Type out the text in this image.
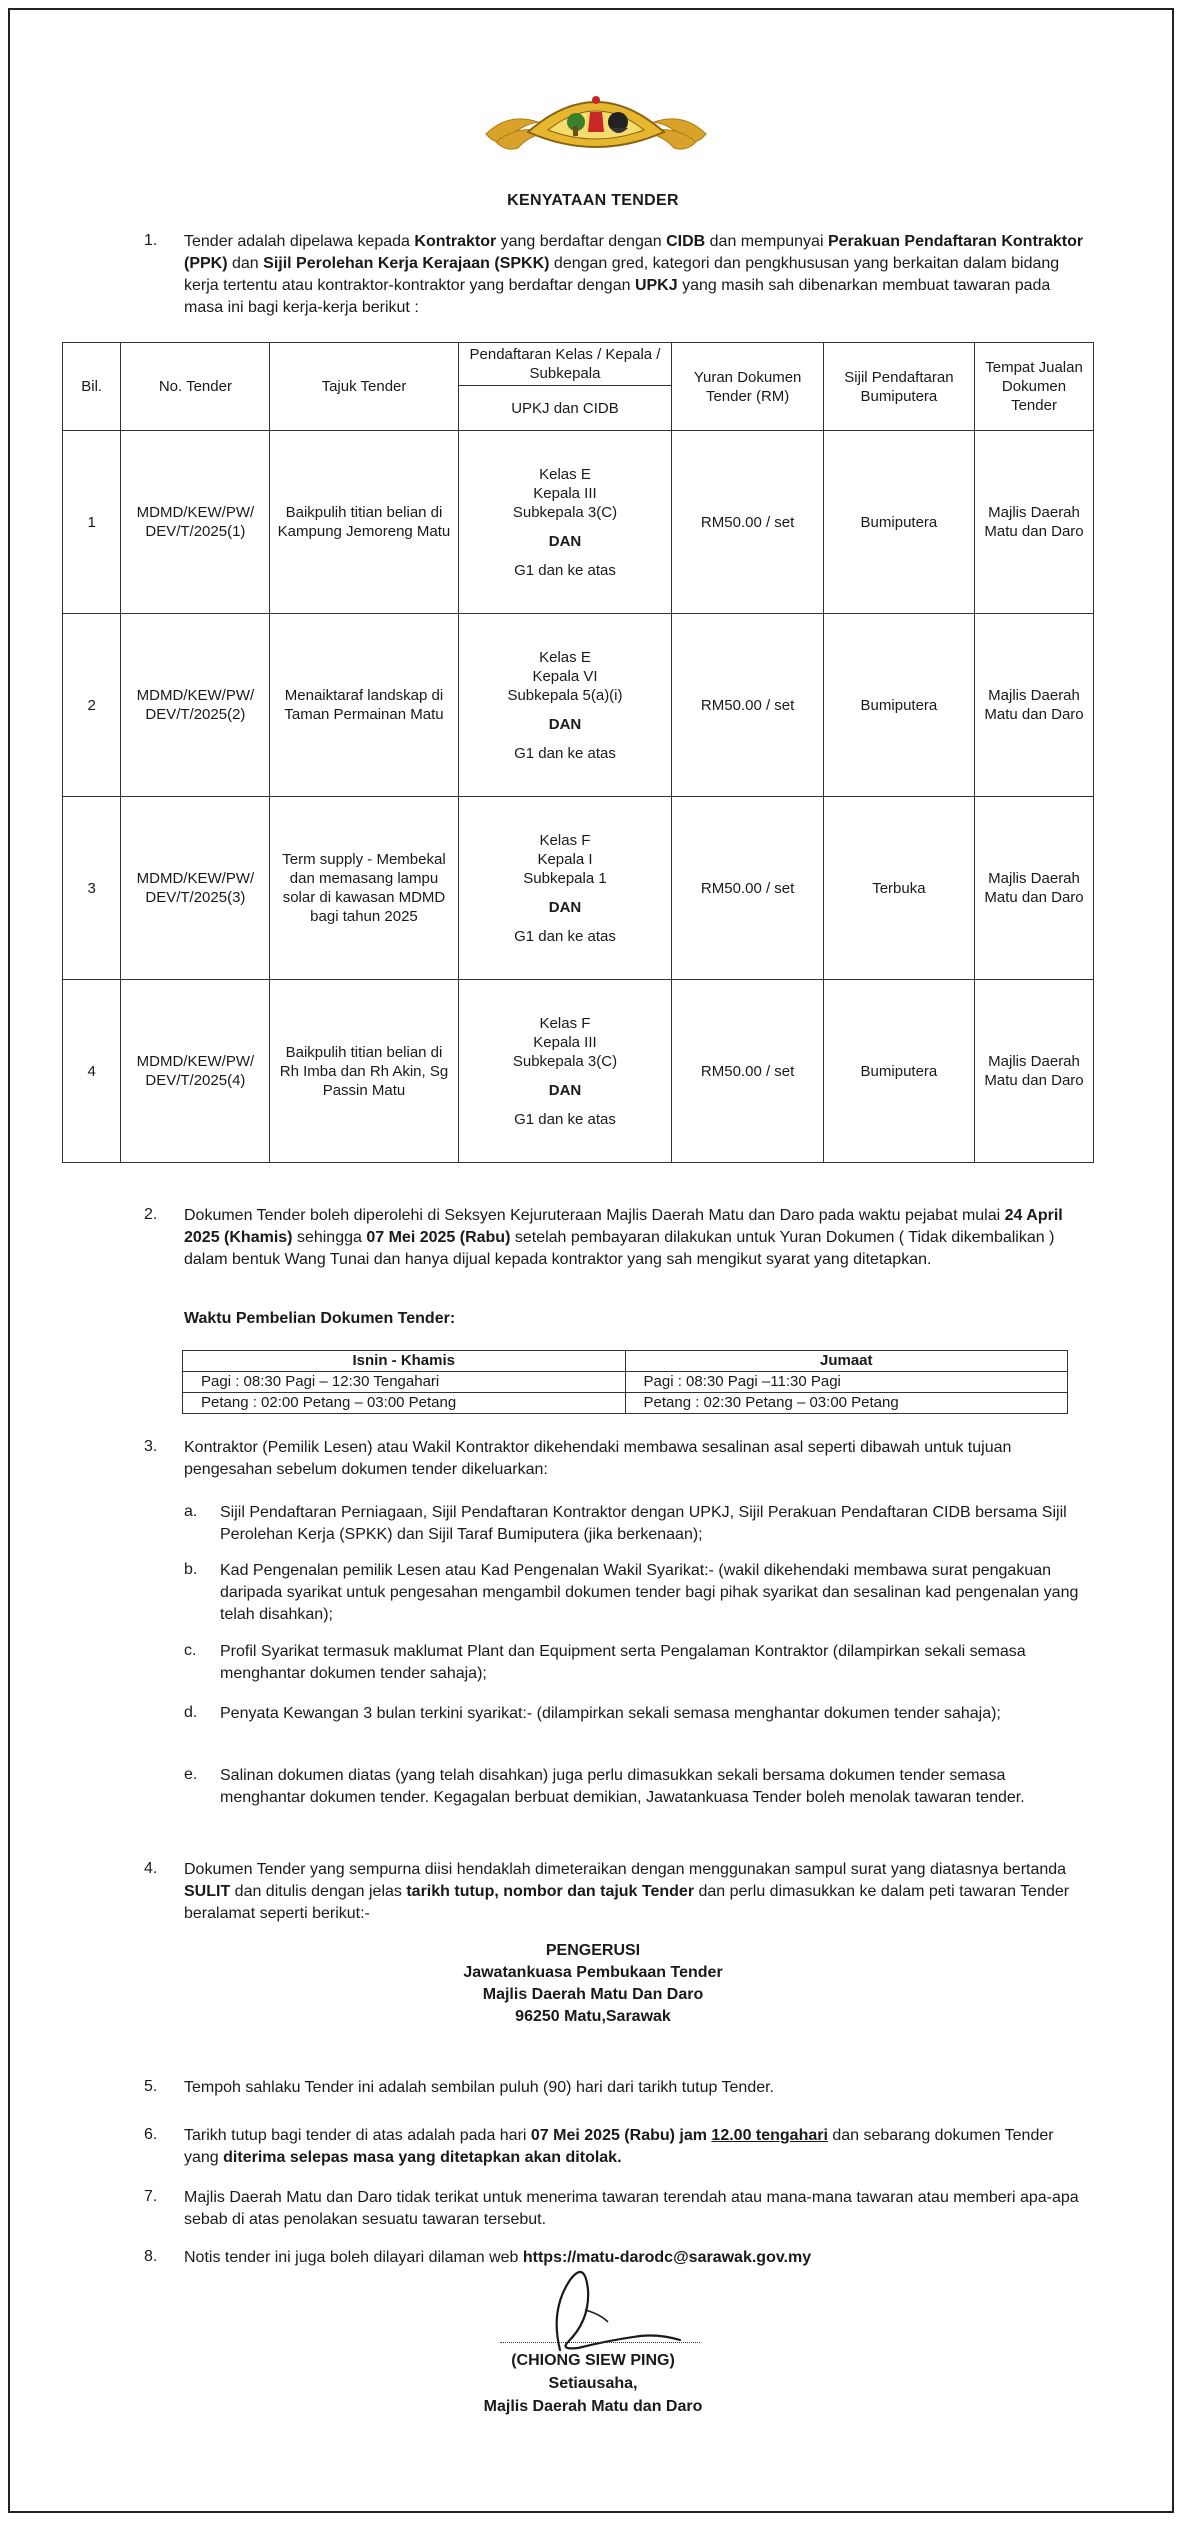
KENYATAAN TENDER
1. Tender adalah dipelawa kepada Kontraktor yang berdaftar dengan CIDB dan mempunyai Perakuan Pendaftaran Kontraktor (PPK) dan Sijil Perolehan Kerja Kerajaan (SPKK) dengan gred, kategori dan pengkhususan yang berkaitan dalam bidang kerja tertentu atau kontraktor-kontraktor yang berdaftar dengan UPKJ yang masih sah dibenarkan membuat tawaran pada masa ini bagi kerja-kerja berikut :
Bil.	No. Tender	Tajuk Tender	Pendaftaran Kelas / Kepala / Subkepala	Yuran Dokumen Tender (RM)	Sijil Pendaftaran Bumiputera	Tempat Jualan Dokumen Tender
			UPKJ dan CIDB			
1	MDMD/KEW/PW/ DEV/T/2025(1)	Baikpulih titian belian di Kampung Jemoreng Matu	Kelas E
Kepala III
Subkepala 3(C)
DAN
G1 dan ke atas	RM50.00 / set	Bumiputera	Majlis Daerah Matu dan Daro
2	MDMD/KEW/PW/ DEV/T/2025(2)	Menaiktaraf landskap di Taman Permainan Matu	Kelas E
Kepala VI
Subkepala 5(a)(i)
DAN
G1 dan ke atas	RM50.00 / set	Bumiputera	Majlis Daerah Matu dan Daro
3	MDMD/KEW/PW/ DEV/T/2025(3)	Term supply - Membekal dan memasang lampu solar di kawasan MDMD bagi tahun 2025	Kelas F
Kepala I
Subkepala 1
DAN
G1 dan ke atas	RM50.00 / set	Terbuka	Majlis Daerah Matu dan Daro
4	MDMD/KEW/PW/ DEV/T/2025(4)	Baikpulih titian belian di Rh Imba dan Rh Akin, Sg Passin Matu	Kelas F
Kepala III
Subkepala 3(C)
DAN
G1 dan ke atas	RM50.00 / set	Bumiputera	Majlis Daerah Matu dan Daro
2. Dokumen Tender boleh diperolehi di Seksyen Kejuruteraan Majlis Daerah Matu dan Daro pada waktu pejabat mulai 24 April 2025 (Khamis) sehingga 07 Mei 2025 (Rabu) setelah pembayaran dilakukan untuk Yuran Dokumen ( Tidak dikembalikan ) dalam bentuk Wang Tunai dan hanya dijual kepada kontraktor yang sah mengikut syarat yang ditetapkan.
Waktu Pembelian Dokumen Tender:
Isnin - Khamis	Jumaat
Pagi : 08:30 Pagi – 12:30 Tengahari	Pagi : 08:30 Pagi –11:30 Pagi
Petang : 02:00 Petang – 03:00 Petang	Petang : 02:30 Petang – 03:00 Petang
3. Kontraktor (Pemilik Lesen) atau Wakil Kontraktor dikehendaki membawa sesalinan asal seperti dibawah untuk tujuan pengesahan sebelum dokumen tender dikeluarkan:
a. Sijil Pendaftaran Perniagaan, Sijil Pendaftaran Kontraktor dengan UPKJ, Sijil Perakuan Pendaftaran CIDB bersama Sijil Perolehan Kerja (SPKK) dan Sijil Taraf Bumiputera (jika berkenaan);
b. Kad Pengenalan pemilik Lesen atau Kad Pengenalan Wakil Syarikat:- (wakil dikehendaki membawa surat pengakuan daripada syarikat untuk pengesahan mengambil dokumen tender bagi pihak syarikat dan sesalinan kad pengenalan yang telah disahkan);
c. Profil Syarikat termasuk maklumat Plant dan Equipment serta Pengalaman Kontraktor (dilampirkan sekali semasa menghantar dokumen tender sahaja);
d. Penyata Kewangan 3 bulan terkini syarikat:- (dilampirkan sekali semasa menghantar dokumen tender sahaja);
e. Salinan dokumen diatas (yang telah disahkan) juga perlu dimasukkan sekali bersama dokumen tender semasa menghantar dokumen tender. Kegagalan berbuat demikian, Jawatankuasa Tender boleh menolak tawaran tender.
4. Dokumen Tender yang sempurna diisi hendaklah dimeteraikan dengan menggunakan sampul surat yang diatasnya bertanda SULIT dan ditulis dengan jelas tarikh tutup, nombor dan tajuk Tender dan perlu dimasukkan ke dalam peti tawaran Tender beralamat seperti berikut:-
PENGERUSI
Jawatankuasa Pembukaan Tender
Majlis Daerah Matu Dan Daro
96250 Matu,Sarawak
5. Tempoh sahlaku Tender ini adalah sembilan puluh (90) hari dari tarikh tutup Tender.
6. Tarikh tutup bagi tender di atas adalah pada hari 07 Mei 2025 (Rabu) jam 12.00 tengahari dan sebarang dokumen Tender yang diterima selepas masa yang ditetapkan akan ditolak.
7. Majlis Daerah Matu dan Daro tidak terikat untuk menerima tawaran terendah atau mana-mana tawaran atau memberi apa-apa sebab di atas penolakan sesuatu tawaran tersebut.
8. Notis tender ini juga boleh dilayari dilaman web https://matu-darodc@sarawak.gov.my
(CHIONG SIEW PING)
Setiausaha,
Majlis Daerah Matu dan Daro
